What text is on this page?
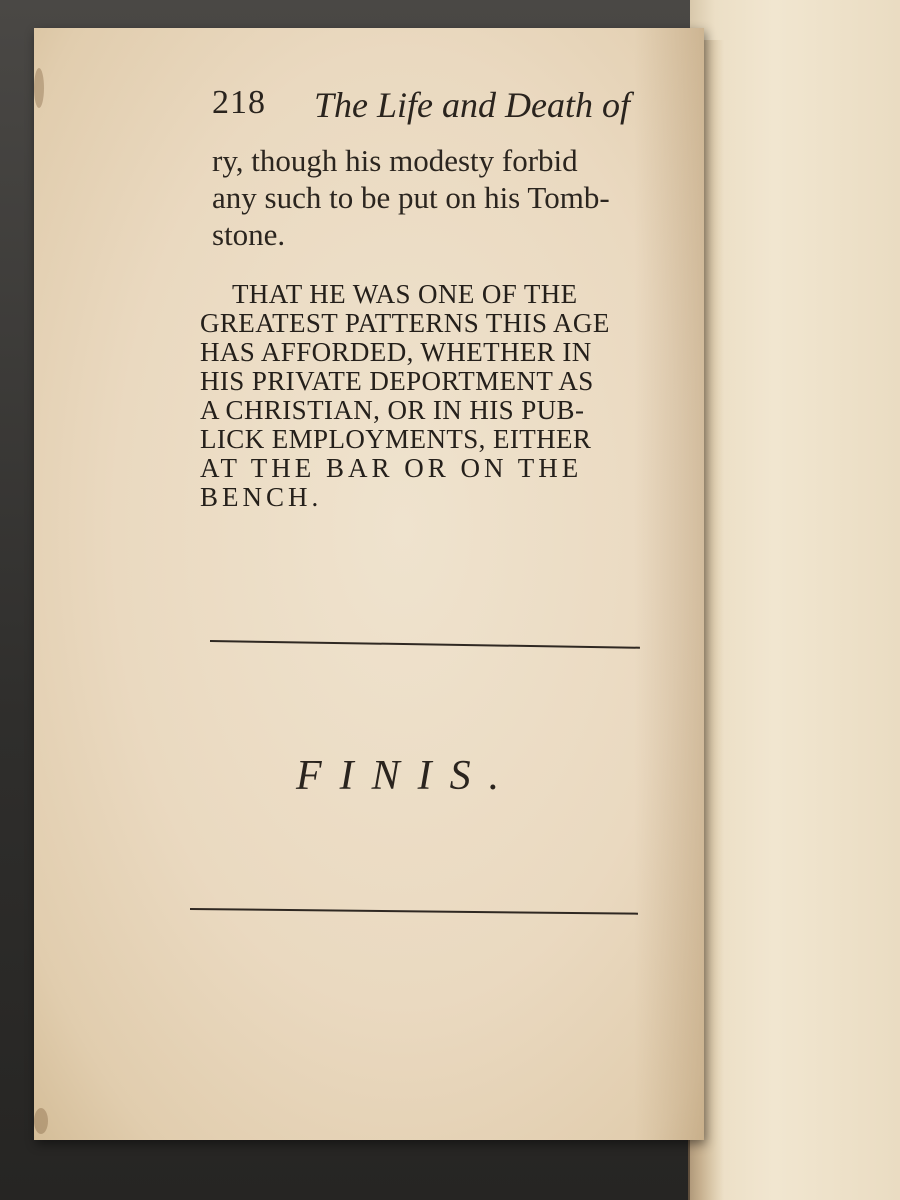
218 The Life and Death of
ry, though his modesty forbid
any such to be put on his Tomb-
stone.
THAT HE WAS ONE OF THE
GREATEST PATTERNS THIS AGE
HAS AFFORDED, WHETHER IN
HIS PRIVATE DEPORTMENT AS
A CHRISTIAN, OR IN HIS PUB-
LICK EMPLOYMENTS, EITHER
AT THE BAR OR ON THE
BENCH.
FINIS.
